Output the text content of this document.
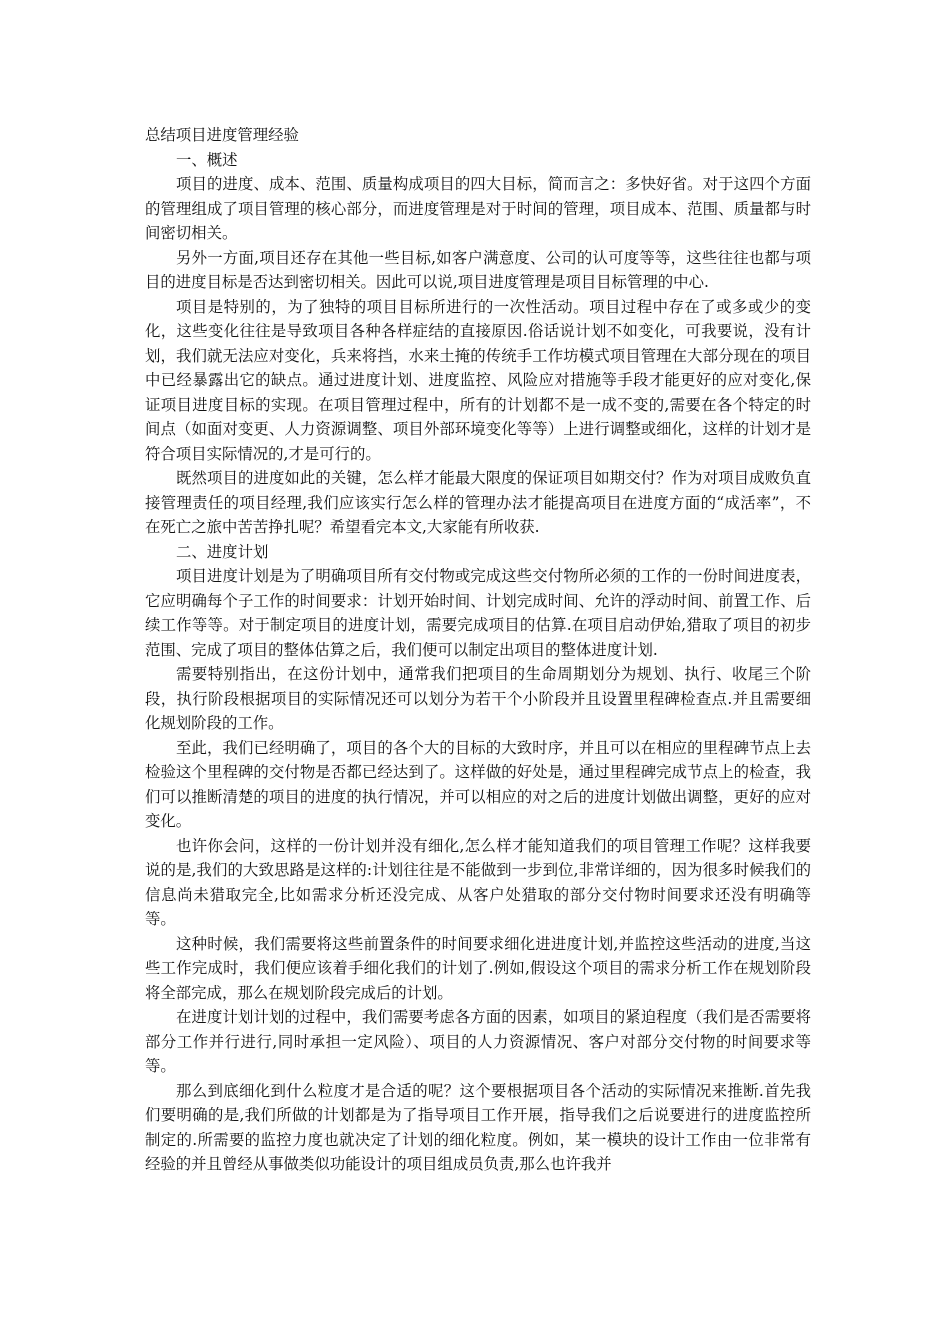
总结项目进度管理经验

一、概述

项目的进度、成本、范围、质量构成项目的四大目标，简而言之：多快好省。对于这四个方面的管理组成了项目管理的核心部分，而进度管理是对于时间的管理，项目成本、范围、质量都与时间密切相关。

另外一方面,项目还存在其他一些目标,如客户满意度、公司的认可度等等，这些往往也都与项目的进度目标是否达到密切相关。因此可以说,项目进度管理是项目目标管理的中心.

项目是特别的，为了独特的项目目标所进行的一次性活动。项目过程中存在了或多或少的变化，这些变化往往是导致项目各种各样症结的直接原因.俗话说计划不如变化，可我要说，没有计划，我们就无法应对变化，兵来将挡，水来土掩的传统手工作坊模式项目管理在大部分现在的项目中已经暴露出它的缺点。通过进度计划、进度监控、风险应对措施等手段才能更好的应对变化,保证项目进度目标的实现。在项目管理过程中，所有的计划都不是一成不变的,需要在各个特定的时间点（如面对变更、人力资源调整、项目外部环境变化等等）上进行调整或细化，这样的计划才是符合项目实际情况的,才是可行的。

既然项目的进度如此的关键，怎么样才能最大限度的保证项目如期交付？作为对项目成败负直接管理责任的项目经理,我们应该实行怎么样的管理办法才能提高项目在进度方面的“成活率”，不在死亡之旅中苦苦挣扎呢？希望看完本文,大家能有所收获.

二、进度计划

项目进度计划是为了明确项目所有交付物或完成这些交付物所必须的工作的一份时间进度表，它应明确每个子工作的时间要求：计划开始时间、计划完成时间、允许的浮动时间、前置工作、后续工作等等。对于制定项目的进度计划，需要完成项目的估算.在项目启动伊始,猎取了项目的初步范围、完成了项目的整体估算之后，我们便可以制定出项目的整体进度计划.

需要特别指出，在这份计划中，通常我们把项目的生命周期划分为规划、执行、收尾三个阶段，执行阶段根据项目的实际情况还可以划分为若干个小阶段并且设置里程碑检查点.并且需要细化规划阶段的工作。

至此，我们已经明确了，项目的各个大的目标的大致时序，并且可以在相应的里程碑节点上去检验这个里程碑的交付物是否都已经达到了。这样做的好处是，通过里程碑完成节点上的检查，我们可以推断清楚的项目的进度的执行情况，并可以相应的对之后的进度计划做出调整，更好的应对变化。

也许你会问，这样的一份计划并没有细化,怎么样才能知道我们的项目管理工作呢？这样我要说的是,我们的大致思路是这样的:计划往往是不能做到一步到位,非常详细的，因为很多时候我们的信息尚未猎取完全,比如需求分析还没完成、从客户处猎取的部分交付物时间要求还没有明确等等。

这种时候，我们需要将这些前置条件的时间要求细化进进度计划,并监控这些活动的进度,当这些工作完成时，我们便应该着手细化我们的计划了.例如,假设这个项目的需求分析工作在规划阶段将全部完成，那么在规划阶段完成后的计划。

在进度计划计划的过程中，我们需要考虑各方面的因素，如项目的紧迫程度（我们是否需要将部分工作并行进行,同时承担一定风险）、项目的人力资源情况、客户对部分交付物的时间要求等等。

那么到底细化到什么粒度才是合适的呢？这个要根据项目各个活动的实际情况来推断.首先我们要明确的是,我们所做的计划都是为了指导项目工作开展，指导我们之后说要进行的进度监控所制定的.所需要的监控力度也就决定了计划的细化粒度。例如，某一模块的设计工作由一位非常有经验的并且曾经从事做类似功能设计的项目组成员负责,那么也许我并
